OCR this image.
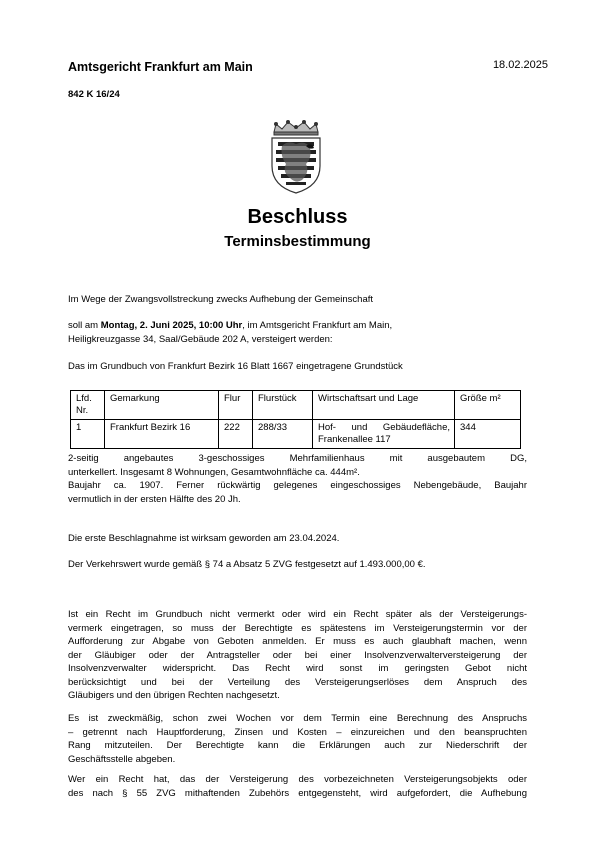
Amtsgericht Frankfurt am Main	18.02.2025
842 K 16/24
Beschluss
Terminsbestimmung
Im Wege der Zwangsvollstreckung zwecks Aufhebung der Gemeinschaft
soll am Montag, 2. Juni 2025, 10:00 Uhr, im Amtsgericht Frankfurt am Main,
Heiligkreuzgasse 34, Saal/Gebäude 202 A, versteigert werden:
Das im Grundbuch von Frankfurt Bezirk 16 Blatt 1667 eingetragene Grundstück
Lfd. Nr.	Gemarkung	Flur	Flurstück	Wirtschaftsart und Lage	Größe m²
1	Frankfurt Bezirk 16	222	288/33	Hof- und Gebäudefläche, Frankenallee 117	344
2-seitig angebautes 3-geschossiges Mehrfamilienhaus mit ausgebautem DG,
unterkellert. Insgesamt 8 Wohnungen, Gesamtwohnfläche ca. 444m².
Baujahr ca. 1907. Ferner rückwärtig gelegenes eingeschossiges Nebengebäude, Baujahr
vermutlich in der ersten Hälfte des 20 Jh.
Die erste Beschlagnahme ist wirksam geworden am 23.04.2024.
Der Verkehrswert wurde gemäß § 74 a Absatz 5 ZVG festgesetzt auf 1.493.000,00 €.
Ist ein Recht im Grundbuch nicht vermerkt oder wird ein Recht später als der Versteigerungs-
vermerk eingetragen, so muss der Berechtigte es spätestens im Versteigerungstermin vor der
Aufforderung zur Abgabe von Geboten anmelden. Er muss es auch glaubhaft machen, wenn
der Gläubiger oder der Antragsteller oder bei einer Insolvenzverwalterversteigerung der
Insolvenzverwalter widerspricht. Das Recht wird sonst im geringsten Gebot nicht
berücksichtigt und bei der Verteilung des Versteigerungserlöses dem Anspruch des
Gläubigers und den übrigen Rechten nachgesetzt.
Es ist zweckmäßig, schon zwei Wochen vor dem Termin eine Berechnung des Anspruchs
– getrennt nach Hauptforderung, Zinsen und Kosten – einzureichen und den beanspruchten
Rang mitzuteilen. Der Berechtigte kann die Erklärungen auch zur Niederschrift der
Geschäftsstelle abgeben.
Wer ein Recht hat, das der Versteigerung des vorbezeichneten Versteigerungsobjekts oder
des nach § 55 ZVG mithaftenden Zubehörs entgegensteht, wird aufgefordert, die Aufhebung
